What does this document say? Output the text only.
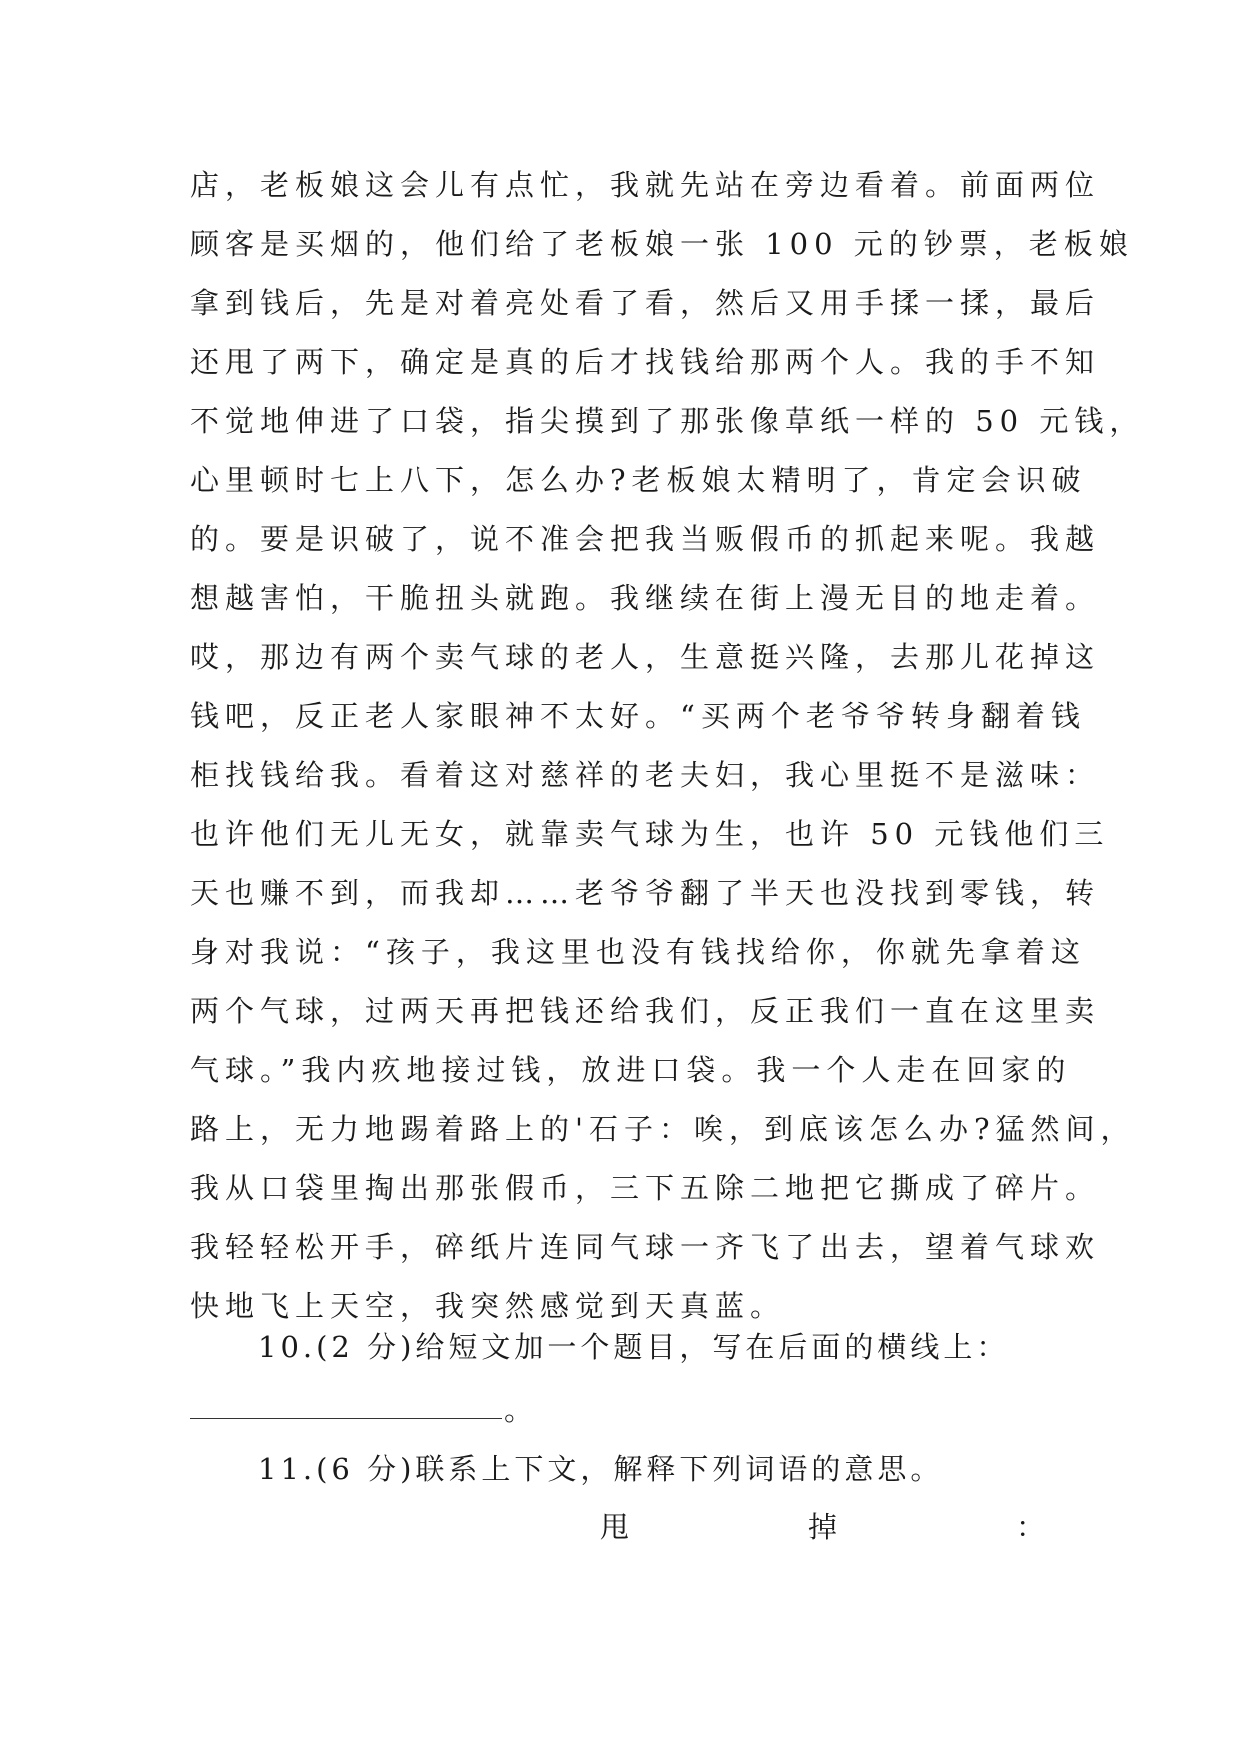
店，老板娘这会儿有点忙，我就先站在旁边看着。前面两位
顾客是买烟的，他们给了老板娘一张 100 元的钞票，老板娘
拿到钱后，先是对着亮处看了看，然后又用手揉一揉，最后
还甩了两下，确定是真的后才找钱给那两个人。我的手不知
不觉地伸进了口袋，指尖摸到了那张像草纸一样的 50 元钱，
心里顿时七上八下，怎么办?老板娘太精明了，肯定会识破
的。要是识破了，说不准会把我当贩假币的抓起来呢。我越
想越害怕，干脆扭头就跑。我继续在街上漫无目的地走着。
哎，那边有两个卖气球的老人，生意挺兴隆，去那儿花掉这
钱吧，反正老人家眼神不太好。“买两个老爷爷转身翻着钱
柜找钱给我。看着这对慈祥的老夫妇，我心里挺不是滋味：
也许他们无儿无女，就靠卖气球为生，也许 50 元钱他们三
天也赚不到，而我却……老爷爷翻了半天也没找到零钱，转
身对我说：“孩子，我这里也没有钱找给你，你就先拿着这
两个气球，过两天再把钱还给我们，反正我们一直在这里卖
气球。”我内疚地接过钱，放进口袋。我一个人走在回家的
路上，无力地踢着路上的'石子：唉，到底该怎么办?猛然间，
我从口袋里掏出那张假币，三下五除二地把它撕成了碎片。
我轻轻松开手，碎纸片连同气球一齐飞了出去，望着气球欢
快地飞上天空，我突然感觉到天真蓝。
10.(2 分)给短文加一个题目，写在后面的横线上：
。
11.(6 分)联系上下文，解释下列词语的意思。
甩	掉	：
